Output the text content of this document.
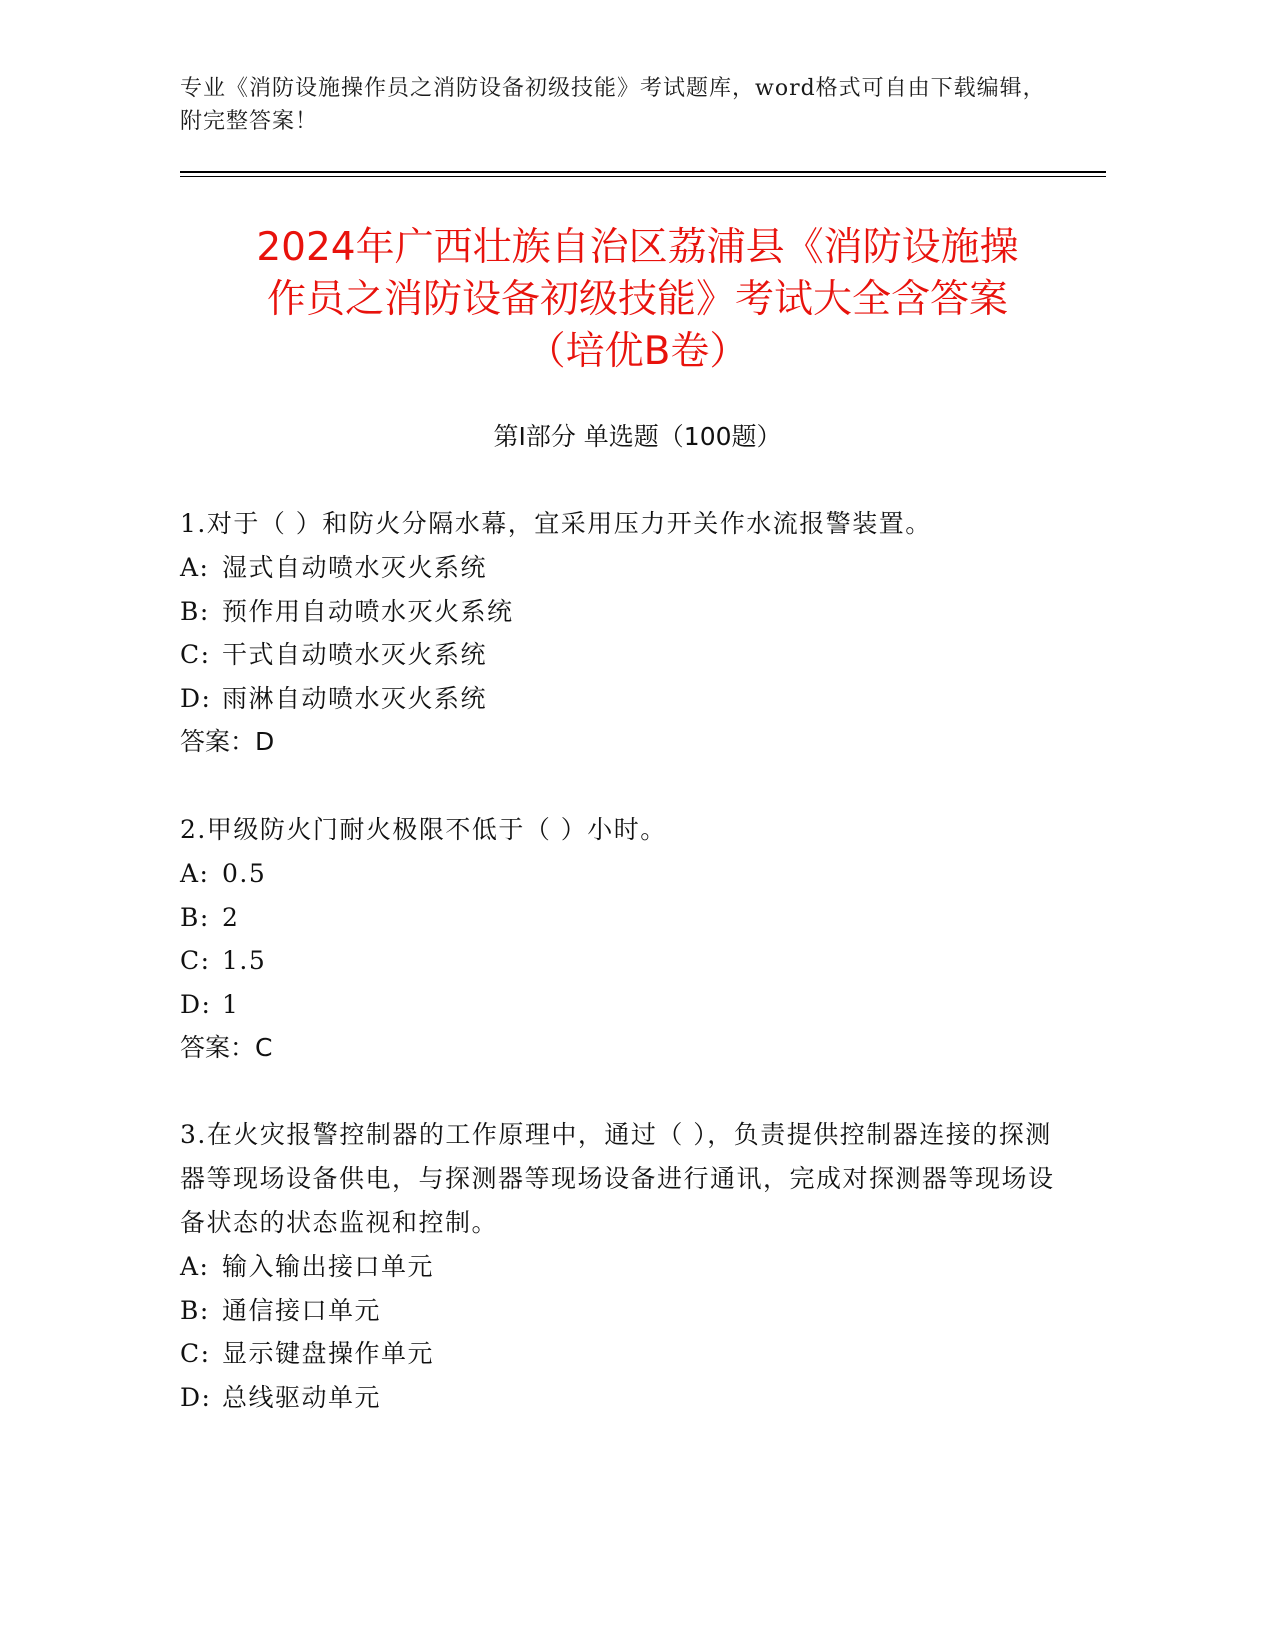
专业《消防设施操作员之消防设备初级技能》考试题库，word格式可自由下载编辑，附完整答案！
2024年广西壮族自治区荔浦县《消防设施操
作员之消防设备初级技能》考试大全含答案
（培优B卷）
第I部分 单选题（100题）

1.对于（ ）和防火分隔水幕，宜采用压力开关作水流报警装置。

A: 湿式自动喷水灭火系统

B: 预作用自动喷水灭火系统

C: 干式自动喷水灭火系统

D: 雨淋自动喷水灭火系统

答案：D

2.甲级防火门耐火极限不低于（ ）小时。

A: 0.5

B: 2

C: 1.5

D: 1

答案：C

3.在火灾报警控制器的工作原理中，通过（ ），负责提供控制器连接的探测器等现场设备供电，与探测器等现场设备进行通讯，完成对探测器等现场设备状态的状态监视和控制。

A: 输入输出接口单元

B: 通信接口单元

C: 显示键盘操作单元

D: 总线驱动单元
